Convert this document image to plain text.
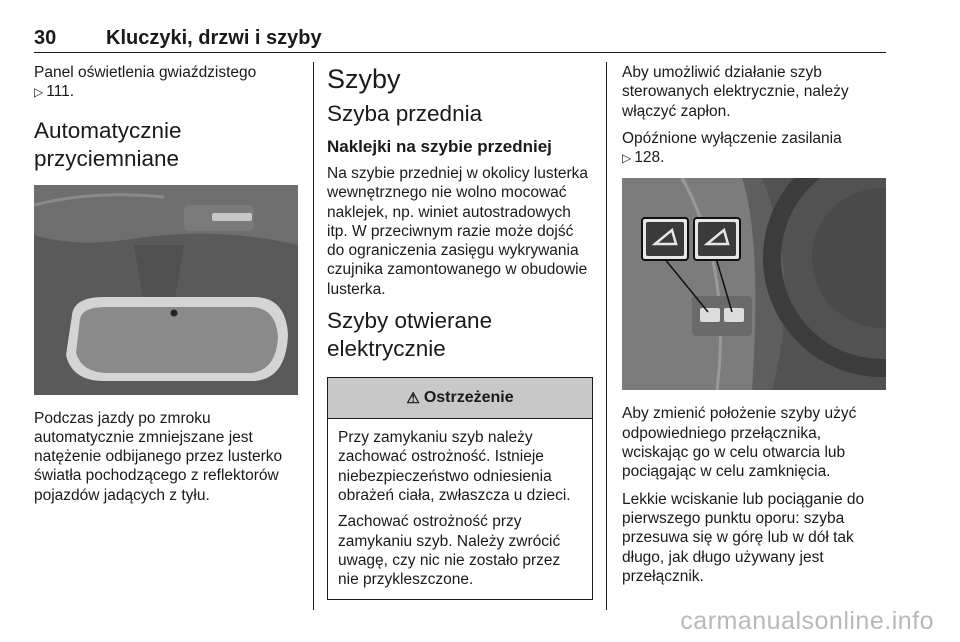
30 Kluczyki, drzwi i szyby

Panel oświetlenia gwiaździstego
▷ 111.

Automatycznie przyciemniane

Podczas jazdy po zmroku automatycznie zmniejszane jest natężenie odbijanego przez lusterko światła pochodzącego z reflektorów pojazdów jadących z tyłu.

Szyby
Szyba przednia
Naklejki na szybie przedniej

Na szybie przedniej w okolicy lusterka wewnętrznego nie wolno mocować naklejek, np. winiet autostradowych itp. W przeciwnym razie może dojść do ograniczenia zasięgu wykrywania czujnika zamontowanego w obudowie lusterka.

Szyby otwierane elektrycznie
⚠ Ostrzeżenie

Przy zamykaniu szyb należy zachować ostrożność. Istnieje niebezpieczeństwo odniesienia obrażeń ciała, zwłaszcza u dzieci.

Zachować ostrożność przy zamykaniu szyb. Należy zwrócić uwagę, czy nic nie zostało przez nie przykleszczone.

Aby umożliwić działanie szyb sterowanych elektrycznie, należy włączyć zapłon.

Opóźnione wyłączenie zasilania
▷ 128.

Aby zmienić położenie szyby użyć odpowiedniego przełącznika, wciskając go w celu otwarcia lub pociągając w celu zamknięcia.

Lekkie wciskanie lub pociąganie do pierwszego punktu oporu: szyba przesuwa się w górę lub w dół tak długo, jak długo używany jest przełącznik.

carmanualsonline.info
